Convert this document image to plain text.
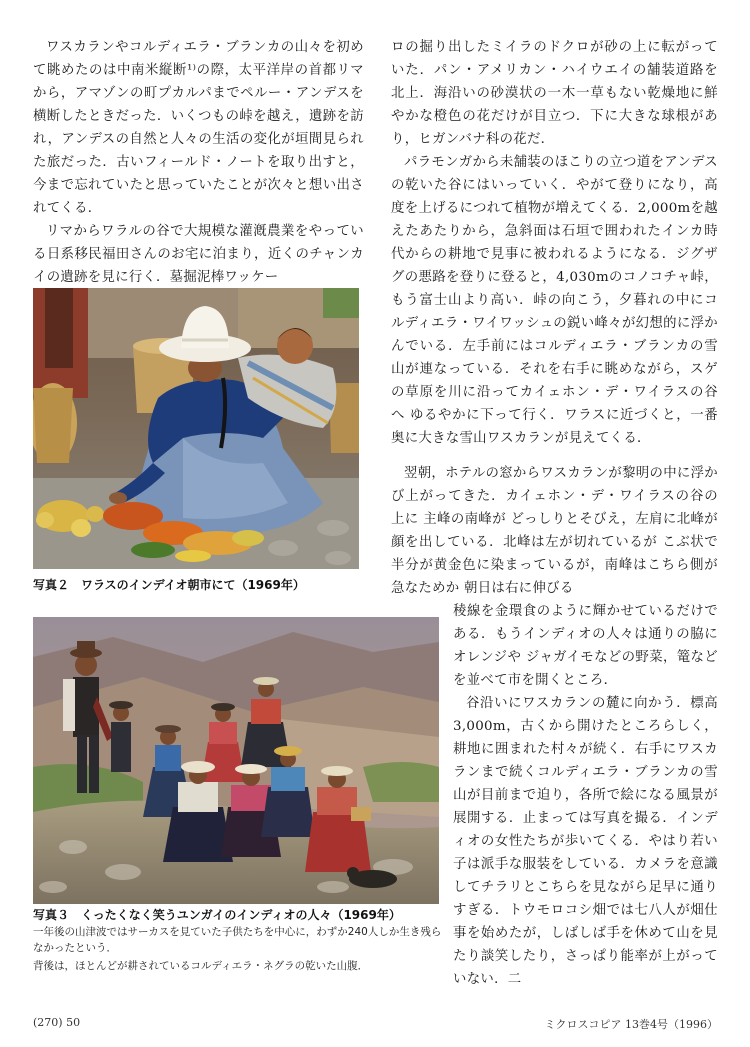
ワスカランやコルディエラ・ブランカの山々を初めて眺めたのは中南米縦断¹⁾の際，太平洋岸の首都リマから，アマゾンの町プカルパまでペルー・アンデスを横断したときだった．いくつもの峠を越え，遺跡を訪れ，アンデスの自然と人々の生活の変化が垣間見られた旅だった．古いフィールド・ノートを取り出すと，今まで忘れていたと思っていたことが次々と想い出されてくる．

リマからワラルの谷で大規模な灌漑農業をやっている日系移民福田さんのお宅に泊まり，近くのチャンカイの遺跡を見に行く．墓掘泥棒ワッケー

写真２　ワラスのインデイオ朝市にて（1969年）

写真３　くったくなく笑うユンガイのインディオの人々（1969年）

一年後の山津波ではサーカスを見ていた子供たちを中心に，わずか240人しか生き残らなかったという．

背後は，ほとんどが耕されているコルディエラ・ネグラの乾いた山腹．

ロの掘り出したミイラのドクロが砂の上に転がっていた．パン・アメリカン・ハイウエイの舗装道路を北上．海沿いの砂漠状の一木一草もない乾燥地に鮮やかな橙色の花だけが目立つ．下に大きな球根があり，ヒガンバナ科の花だ．

パラモンガから未舗装のほこりの立つ道をアンデスの乾いた谷にはいっていく．やがて登りになり，高度を上げるにつれて植物が増えてくる．2,000mを越えたあたりから，急斜面は石垣で囲われたインカ時代からの耕地で見事に被われるようになる．ジグザグの悪路を登りに登ると，4,030mのコノコチャ峠，もう富士山より高い．峠の向こう，夕暮れの中にコルディエラ・ワイワッシュの鋭い峰々が幻想的に浮かんでいる．左手前にはコルディエラ・ブランカの雪山が連なっている．それを右手に眺めながら，スゲの草原を川に沿ってカイェホン・デ・ワイラスの谷へ ゆるやかに下って行く．ワラスに近づくと，一番奥に大きな雪山ワスカランが見えてくる．

翌朝，ホテルの窓からワスカランが黎明の中に浮かび上がってきた．カイェホン・デ・ワイラスの谷の上に 主峰の南峰が どっしりとそびえ，左肩に北峰が顔を出している．北峰は左が切れているが こぶ状で 半分が黄金色に染まっているが，南峰はこちら側が急なためか 朝日は右に伸びる

稜線を金環食のように輝かせているだけである．もうインディオの人々は通りの脇に オレンジや ジャガイモなどの野菜，篭などを並べて市を開くところ．

谷沿いにワスカランの麓に向かう．標高 3,000m，古くから開けたところらしく，耕地に囲まれた村々が続く．右手にワスカランまで続くコルディエラ・ブランカの雪山が目前まで迫り，各所で絵になる風景が展開する．止まっては写真を撮る．インディオの女性たちが歩いてくる．やはり若い子は派手な服装をしている．カメラを意識してチラリとこちらを見ながら足早に通りすぎる．トウモロコシ畑では七八人が畑仕事を始めたが，しばしば手を休めて山を見たり談笑したり，さっぱり能率が上がっていない．二

(270) 50	ミクロスコピア 13巻4号（1996）
